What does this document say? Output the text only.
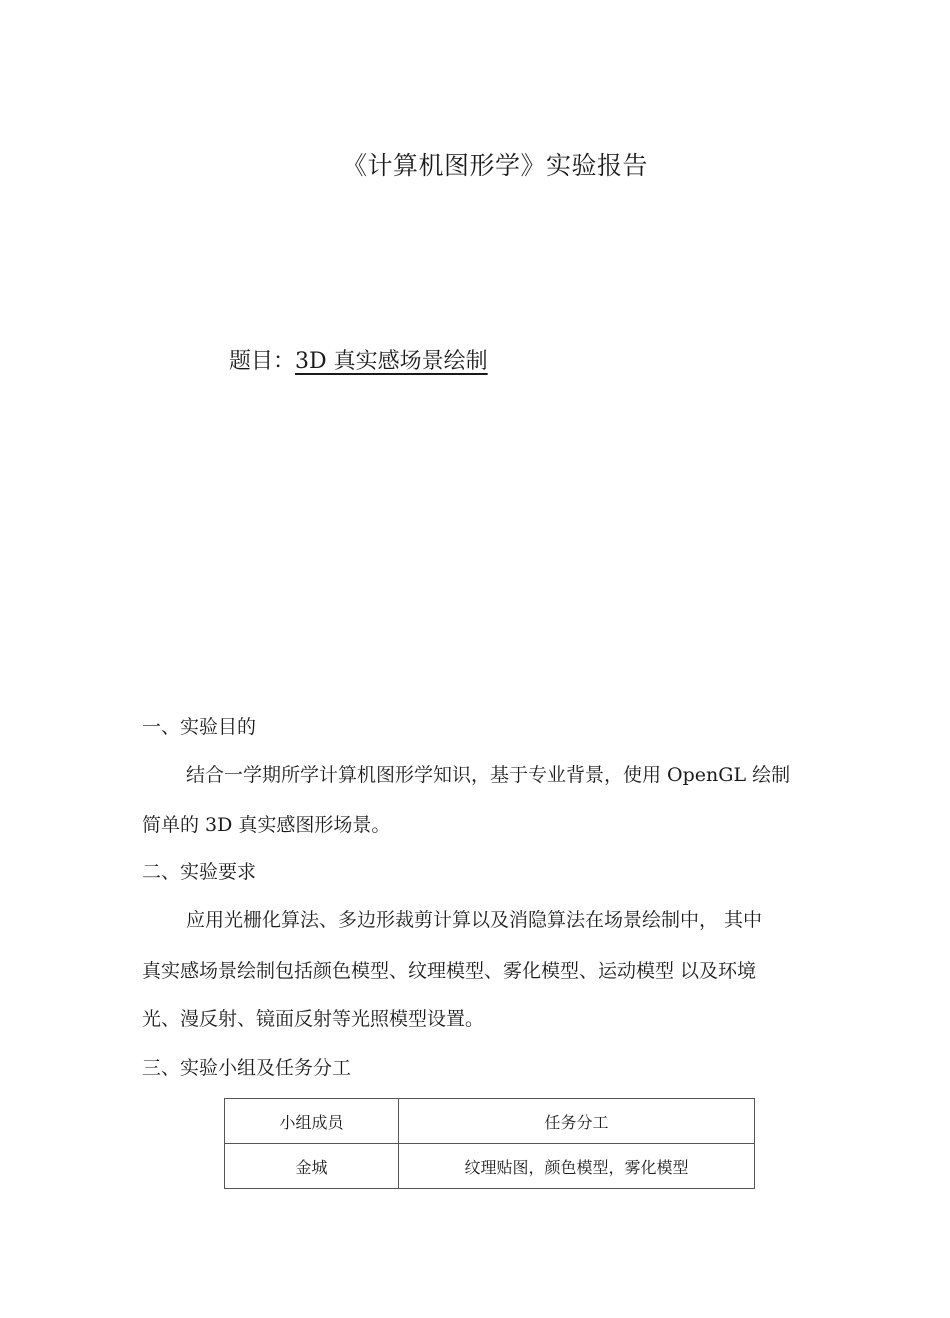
《计算机图形学》实验报告
题目：3D 真实感场景绘制
一、实验目的
结合一学期所学计算机图形学知识，基于专业背景，使用 OpenGL 绘制
简单的 3D 真实感图形场景。
二、实验要求
应用光栅化算法、多边形裁剪计算以及消隐算法在场景绘制中， 其中
真实感场景绘制包括颜色模型、纹理模型、雾化模型、运动模型 以及环境
光、漫反射、镜面反射等光照模型设置。
三、实验小组及任务分工
小组成员	任务分工
金城	纹理贴图，颜色模型，雾化模型
